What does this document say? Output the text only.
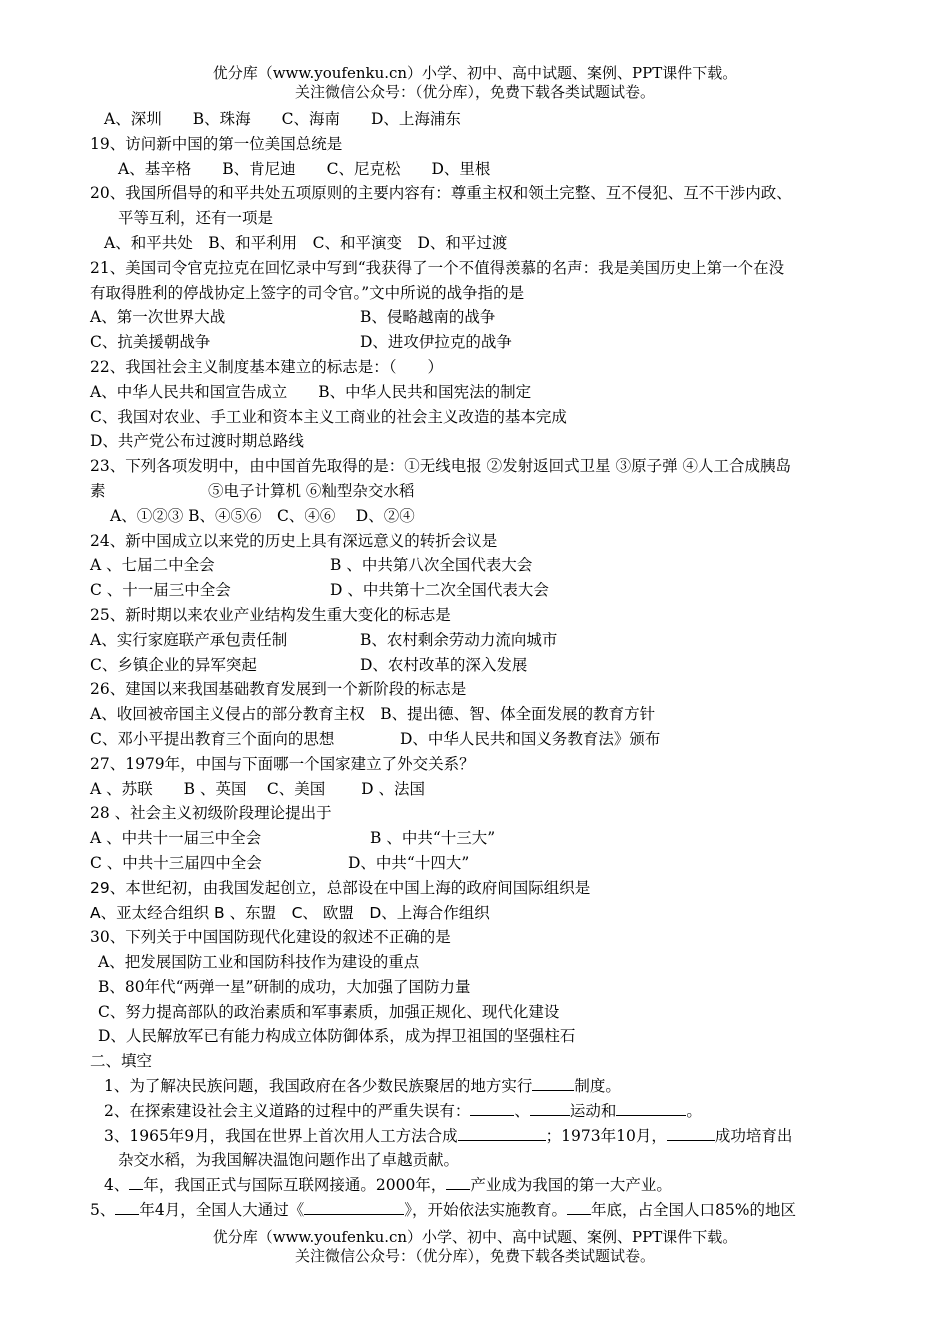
优分库（www.youfenku.cn）小学、初中、高中试题、案例、PPT课件下载。
关注微信公众号：（优分库），免费下载各类试题试卷。
A、深圳　　B、珠海　　C、海南　　D、上海浦东
19、访问新中国的第一位美国总统是
A、基辛格　　B、肯尼迪　　C、尼克松　　D、里根
20、我国所倡导的和平共处五项原则的主要内容有：尊重主权和领土完整、互不侵犯、互不干涉内政、
平等互利，还有一项是
A、和平共处　B、和平利用　C、和平演变　D、和平过渡
21、美国司令官克拉克在回忆录中写到“我获得了一个不值得羡慕的名声：我是美国历史上第一个在没
有取得胜利的停战协定上签字的司令官。”文中所说的战争指的是
A、第一次世界大战	B、侵略越南的战争
C、抗美援朝战争	D、进攻伊拉克的战争
22、我国社会主义制度基本建立的标志是：（　　）
A、中华人民共和国宣告成立　　B、中华人民共和国宪法的制定
C、我国对农业、手工业和资本主义工商业的社会主义改造的基本完成
D、共产党公布过渡时期总路线
23、下列各项发明中，由中国首先取得的是：①无线电报 ②发射返回式卫星 ③原子弹 ④人工合成胰岛
素	⑤电子计算机 ⑥籼型杂交水稻
A、①②③ B、④⑤⑥　C、④⑥　 D、②④
24、新中国成立以来党的历史上具有深远意义的转折会议是
A 、七届二中全会	B 、中共第八次全国代表大会
C 、十一届三中全会	D 、中共第十二次全国代表大会
25、新时期以来农业产业结构发生重大变化的标志是
A、实行家庭联产承包责任制	B、农村剩余劳动力流向城市
C、乡镇企业的异军突起	D、农村改革的深入发展
26、建国以来我国基础教育发展到一个新阶段的标志是
A、收回被帝国主义侵占的部分教育主权　B、提出德、智、体全面发展的教育方针
C、邓小平提出教育三个面向的思想	D、中华人民共和国义务教育法》颁布
27、1979年，中国与下面哪一个国家建立了外交关系？
A 、苏联　　B 、英国　 C、美国　　 D 、法国
28 、社会主义初级阶段理论提出于
A 、中共十一届三中全会	B 、中共“十三大”
C 、中共十三届四中全会	D、中共“十四大”
29、本世纪初，由我国发起创立，总部设在中国上海的政府间国际组织是
A、亚太经合组织 B 、东盟　C、 欧盟　D、上海合作组织
30、下列关于中国国防现代化建设的叙述不正确的是
A、把发展国防工业和国防科技作为建设的重点
B、80年代“两弹一星”研制的成功，大加强了国防力量
C、努力提高部队的政治素质和军事素质，加强正规化、现代化建设
D、人民解放军已有能力构成立体防御体系，成为捍卫祖国的坚强柱石
二、填空
1、为了解决民族问题，我国政府在各少数民族聚居的地方实行	制度。
2、在探索建设社会主义道路的过程中的严重失误有：	、	运动和	。
3、1965年9月，我国在世界上首次用人工方法合成	；1973年10月，	成功培育出
杂交水稻，为我国解决温饱问题作出了卓越贡献。
4、 年，我国正式与国际互联网接通。2000年， 产业成为我国的第一大产业。
5、 年4月，全国人大通过《	》，开始依法实施教育。 年底，占全国人口85%的地区
优分库（www.youfenku.cn）小学、初中、高中试题、案例、PPT课件下载。
关注微信公众号：（优分库），免费下载各类试题试卷。
